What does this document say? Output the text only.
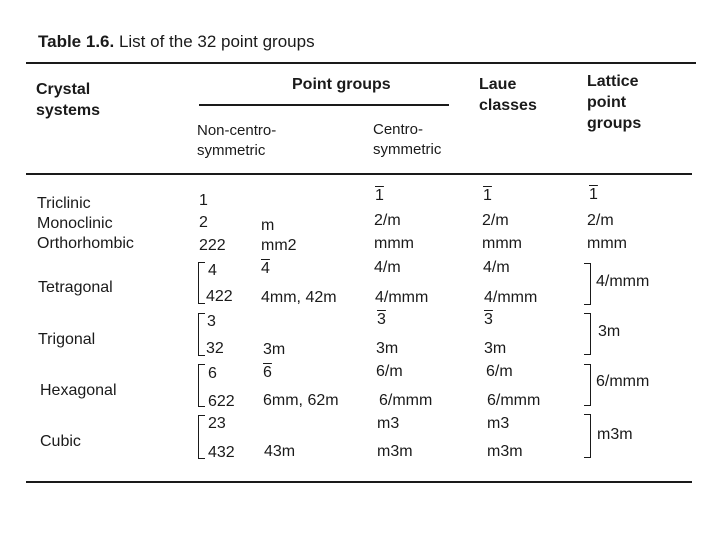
Table 1.6. List of the 32 point groups
Crystal
systems
Point groups	Laue
classes
Lattice
point
groups
Non-centro-
symmetric
Centro-
symmetric
Triclinic
Monoclinic
Orthorhombic
Tetragonal
Trigonal
Hexagonal
Cubic
1
2
222
4
422
3
32
6
622
23
432
m
mm2
4
4mm, 42m
3m
6
6mm, 62m
43m
1
2/m
mmm
4/m
4/mmm
3
3m
6/m
6/mmm
m3
m3m
1
2/m
mmm
4/m
4/mmm
3
3m
6/m
6/mmm
m3
m3m
1
2/m
mmm
4/mmm
3m
6/mmm
m3m
